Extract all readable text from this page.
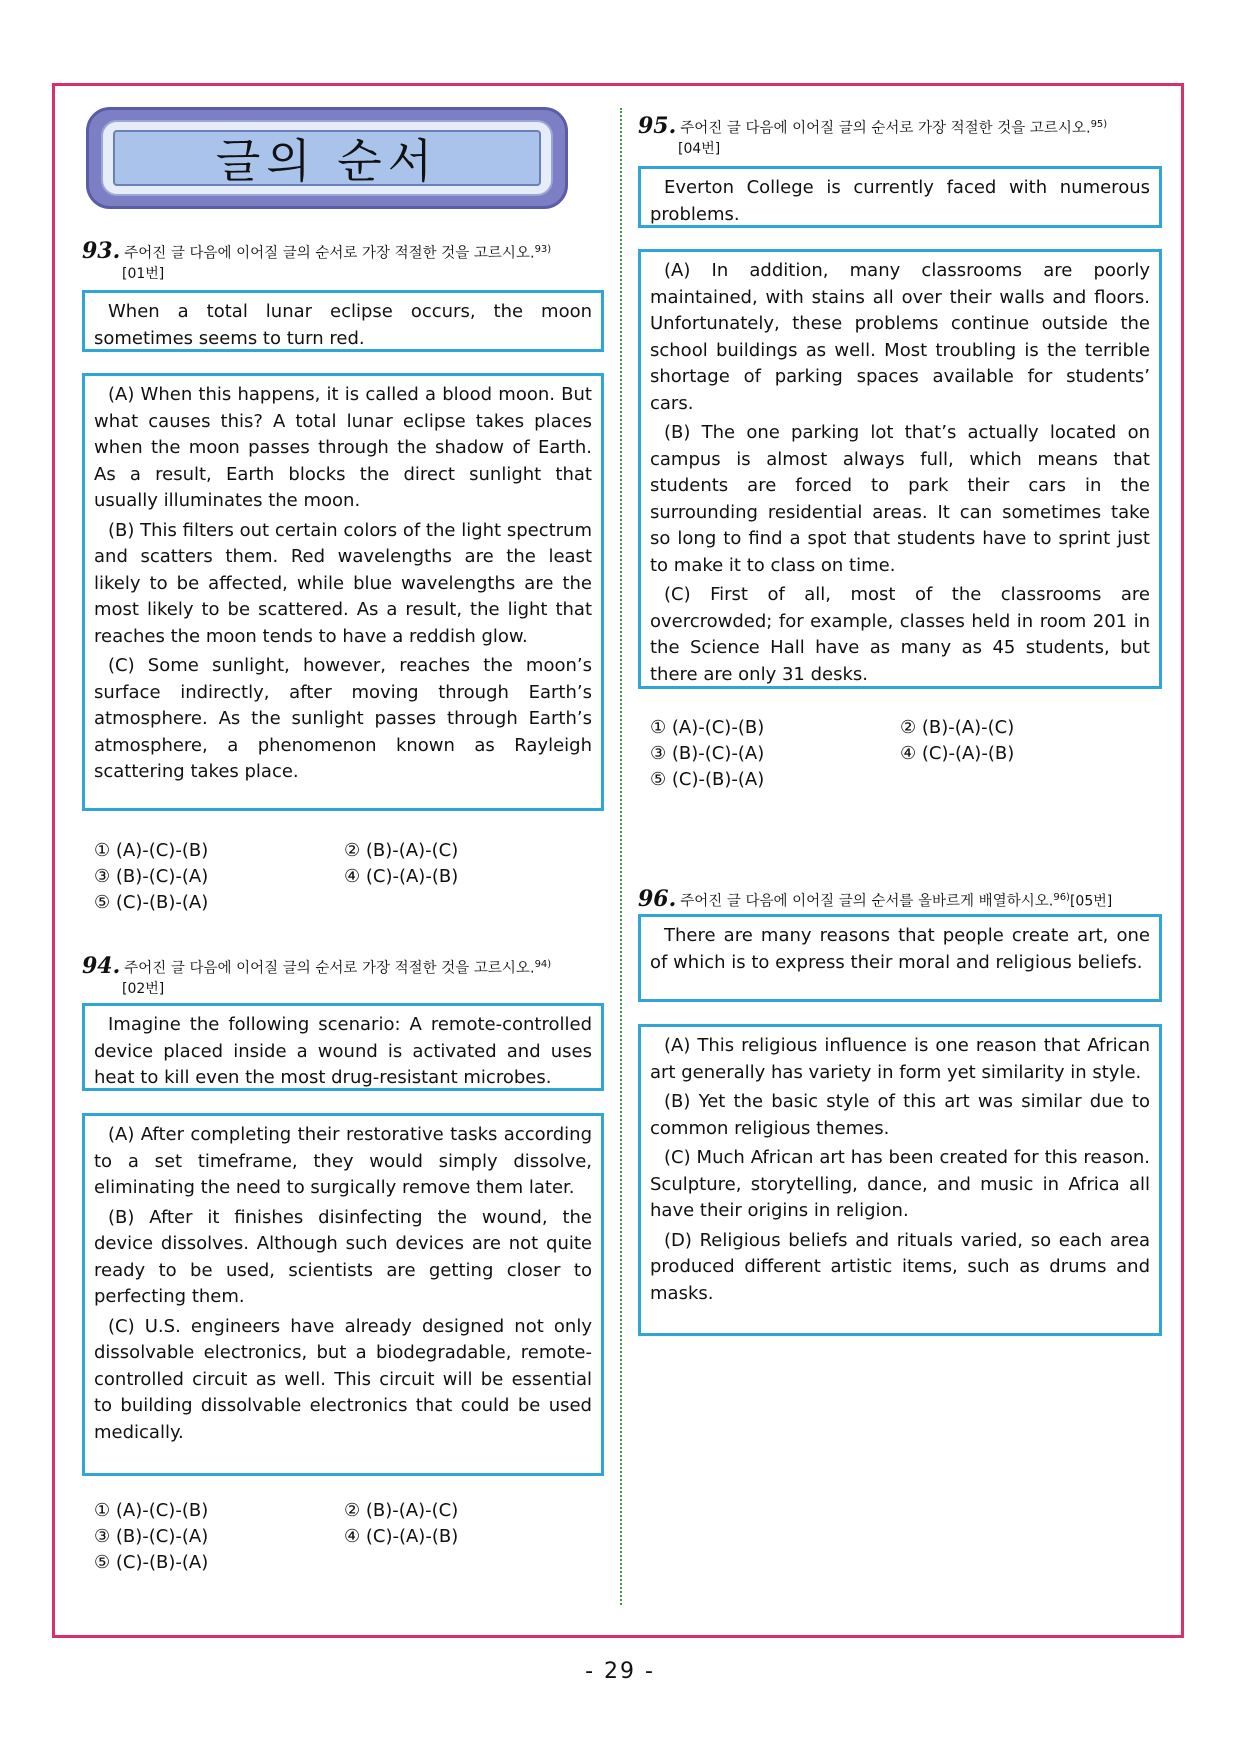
글의 순서
93. 주어진 글 다음에 이어질 글의 순서로 가장 적절한 것을 고르시오.$^{93)}$
[01번]

When a total lunar eclipse occurs, the moon sometimes seems to turn red.

(A) When this happens, it is called a blood moon. But what causes this? A total lunar eclipse takes places when the moon passes through the shadow of Earth. As a result, Earth blocks the direct sunlight that usually illuminates the moon.

(B) This filters out certain colors of the light spectrum and scatters them. Red wavelengths are the least likely to be affected, while blue wavelengths are the most likely to be scattered. As a result, the light that reaches the moon tends to have a reddish glow.

(C) Some sunlight, however, reaches the moon’s surface indirectly, after moving through Earth’s atmosphere. As the sunlight passes through Earth’s atmosphere, a phenomenon known as Rayleigh scattering takes place.

① (A)-(C)-(B)	② (B)-(A)-(C)
③ (B)-(C)-(A)	④ (C)-(A)-(B)
⑤ (C)-(B)-(A)
94. 주어진 글 다음에 이어질 글의 순서로 가장 적절한 것을 고르시오.$^{94)}$
[02번]

Imagine the following scenario: A remote-controlled device placed inside a wound is activated and uses heat to kill even the most drug-resistant microbes.

(A) After completing their restorative tasks according to a set timeframe, they would simply dissolve, eliminating the need to surgically remove them later.

(B) After it finishes disinfecting the wound, the device dissolves. Although such devices are not quite ready to be used, scientists are getting closer to perfecting them.

(C) U.S. engineers have already designed not only dissolvable electronics, but a biodegradable, remote-controlled circuit as well. This circuit will be essential to building dissolvable electronics that could be used medically.

① (A)-(C)-(B)	② (B)-(A)-(C)
③ (B)-(C)-(A)	④ (C)-(A)-(B)
⑤ (C)-(B)-(A)
95. 주어진 글 다음에 이어질 글의 순서로 가장 적절한 것을 고르시오.$^{95)}$
[04번]

Everton College is currently faced with numerous problems.

(A) In addition, many classrooms are poorly maintained, with stains all over their walls and floors. Unfortunately, these problems continue outside the school buildings as well. Most troubling is the terrible shortage of parking spaces available for students’ cars.

(B) The one parking lot that’s actually located on campus is almost always full, which means that students are forced to park their cars in the surrounding residential areas. It can sometimes take so long to find a spot that students have to sprint just to make it to class on time.

(C) First of all, most of the classrooms are overcrowded; for example, classes held in room 201 in the Science Hall have as many as 45 students, but there are only 31 desks.

① (A)-(C)-(B)	② (B)-(A)-(C)
③ (B)-(C)-(A)	④ (C)-(A)-(B)
⑤ (C)-(B)-(A)
96. 주어진 글 다음에 이어질 글의 순서를 올바르게 배열하시오.$^{96)}$[05번]

There are many reasons that people create art, one of which is to express their moral and religious beliefs.

(A) This religious influence is one reason that African art generally has variety in form yet similarity in style.

(B) Yet the basic style of this art was similar due to common religious themes.

(C) Much African art has been created for this reason. Sculpture, storytelling, dance, and music in Africa all have their origins in religion.

(D) Religious beliefs and rituals varied, so each area produced different artistic items, such as drums and masks.

- 29 -
